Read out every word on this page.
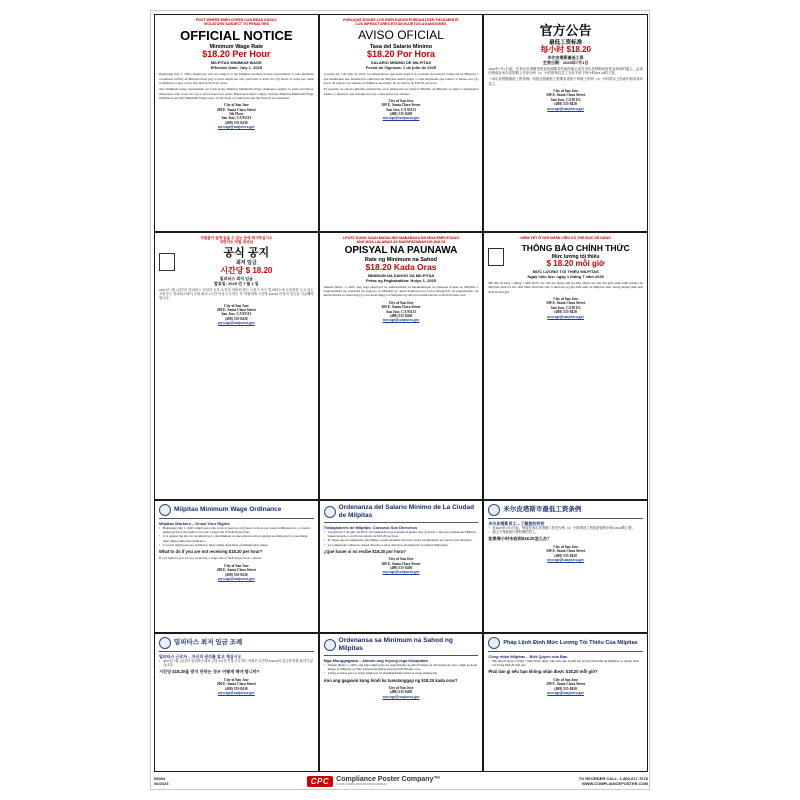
POST WHERE EMPLOYEES CAN READ EASILY
VIOLATORS SUBJECT TO PENALTIES
OFFICIAL NOTICE
Minimum Wage Rate
$18.20 Per Hour
MILPITAS MINIMUM WAGE
Effective Date: July 1, 2025
Beginning July 1, 2025, employers who are subject to the Milpitas business license requirement or who maintain a business facility in Milpitas must pay to each employee who performs at least two (2) hours of work per week in Milpitas wages of not less than $18.20 per hour.
The minimum wage requirement set forth in the Milpitas Minimum Wage Ordinance applies to adult and minor employees who work two (2) or more hours per week. Employers must comply with the Milpitas Minimum Wage Ordinance and the Minimum Wage Laws of the State of California and the Federal Government.
City of San Jose
200 E. Santa Clara Street
5th Floor
San Jose, CA 95113
(408) 535-8430
mywage@sanjoseca.gov
PUBLIQUE DONDE LOS EMPLEADOS PUEDAN LEER FÁCILMENTE
LOS INFRACTORES ESTÁN SUJETOS A SANCIONES
AVISO OFICIAL
Tasa del Salario Mínimo
$18.20 Por Hora
SALARIO MÍNIMO DE MILPITAS
Fecha de Vigencia: 1 de julio de 2025
A partir del 1 de julio de 2025, los empleadores que están sujetos al requisito de licencia comercial de Milpitas o que mantienen una instalación comercial en Milpitas deben pagar a cada empleado que realice al menos dos (2) horas de trabajo por semana en Milpitas un salario de no menos de $18.20 por hora.
El requisito de salario mínimo establecido en la Ordenanza de Salario Mínimo de Milpitas se aplica a empleados adultos y menores que trabajan dos (2) o más horas por semana.
City of San Jose
200 E. Santa Clara Street
San Jose, CA 95113
(408) 535-8430
mywage@sanjoseca.gov
官方公告
最低工资标准
每小时 $18.20
米尔皮塔斯最低工资
生效日期：2025年7月1日
2025年7月1日起，在米尔皮塔斯受营业执照要求约束的雇主或在米尔皮塔斯设有营业场所的雇主，必须向每周在米尔皮塔斯工作至少两（2）小时的每位员工支付不低于每小时$18.20的工资。
《米尔皮塔斯最低工资条例》所规定的最低工资要求适用于每周工作两（2）小时或以上的成年和未成年员工。
City of San Jose
200 E. Santa Clara Street
San Jose, CA 95113
(408) 535-8430
mywage@sanjoseca.gov
직원들이 쉽게 읽을 수 있는 곳에 게시하십시오
위반자는 처벌 대상임
공식 공지
최저 임금
시간당 $ 18.20
밀피타스 최저 임금
발효일: 2025 년 7 월 1 일
2025년 7월 1일부터 밀피타스 사업자 등록 요건의 적용을 받는 고용주 또는 밀피타스에 사업장을 두고 있는 고용주는 밀피타스에서 주당 최소 2시간 이상 근무하는 각 직원에게 시간당 $18.20 이상의 임금을 지급해야 합니다.
City of San Jose
200 E. Santa Clara Street
San Jose, CA 95113
(408) 535-8430
mywage@sanjoseca.gov
I-POST KUNG SAAN MADALING MABABASA NG MGA EMPLEYADO
ANG MGA LALABAG AY MAPAPATAWAN NG MULTA
OPISYAL NA PAUNAWA
Rate ng Minimum na Sahod
$18.20 Kada Oras
MINIMUM NA SAHOD SA MILPITAS
Petsa ng Pagkakabisa: Hulyo 1, 2025
Simula Hulyo 1, 2025, ang mga employer na sumasailalim sa kinakailangan na business license sa Milpitas o nagpapanatili ng pasilidad ng negosyo sa Milpitas ay dapat magbayad sa bawat empleyado na nagtatrabaho ng hindi bababa sa dalawang (2) oras kada linggo sa Milpitas ng sahod na hindi bababa sa $18.20 kada oras.
City of San Jose
200 E. Santa Clara Street
San Jose, CA 95113
(408) 535-8430
mywage@sanjoseca.gov
NIÊM YẾT Ở NƠI NHÂN VIÊN CÓ THỂ ĐỌC DỄ DÀNG
THÔNG BÁO CHÍNH THỨC
Mức lương tối thiểu
$ 18.20 mỗi giờ
MỨC LƯƠNG TỐI THIỂU MILPITAS
Ngày hiệu lực: ngày 1 tháng 7 năm 2025
Bắt đầu từ ngày 1 tháng 7 năm 2025, các chủ lao động chịu sự điều chỉnh của yêu cầu giấy phép kinh doanh của Milpitas phải trả cho mỗi nhân viên làm việc ít nhất hai (2) giờ mỗi tuần tại Milpitas mức lương không thấp hơn $18.20 mỗi giờ.
City of San Jose
200 E. Santa Clara Street
San Jose, CA 95113
(408) 535-8430
mywage@sanjoseca.gov
Milpitas Minimum Wage Ordinance
Milpitas Workers – Know Your Rights
• Beginning July 1, 2025, employees who work at least two (2) hours or more per week in Milpitas for a covered employer have the right to be paid a wage rate of $18.20 per hour.
• It is against the law for an employer to discriminate or take adverse action against an employee for exercising their rights under the Ordinance.
• Covered employees are entitled to these rights regardless of immigration status.
What to do if you are not receiving $18.20 per hour?
If you believe you are not receiving a wage rate of $18.20 per hour, contact:
City of San Jose
200 E. Santa Clara Street
(408) 535-8430
mywage@sanjoseca.gov
Ordenanza del Salario Mínimo de La Ciudad de Milpitas
Trabajadores de Milpitas: Conozca Sus Derechos
• A partir del 1 de julio de 2025, los empleados que trabajan al menos dos (2) horas o más por semana en Milpitas tienen derecho a recibir un salario de $18.20 por hora.
• Es ilegal que un empleador discrimine o tome medidas adversas contra un empleado por ejercer sus derechos.
• Los empleados cubiertos tienen derecho a estos derechos sin importar su estatus migratorio.
¿Qué hacer si no recibe $18.20 por hora?
City of San Jose
200 E. Santa Clara Street
(408) 535-8430
mywage@sanjoseca.gov
米尔皮塔斯市最低工资条例
米尔皮塔斯员工—了解您的权利
• 自2025年7月1日起，每周在米尔皮塔斯工作至少两（2）小时的员工有权获得每小时$18.20的工资。
• 雇主不得歧视行使权利的员工。
如果每小时未收到$18.20怎么办？
City of San Jose
200 E. Santa Clara Street
(408) 535-8430
mywage@sanjoseca.gov
밀피타스 최저 임금 조례
밀피타스 근로자 – 자신의 권리를 알고 계십시오
• 2025년 7월 1일부터 밀피타스에서 주당 2시간 이상 근무하는 직원은 시간당 $18.20의 임금을 받을 권리가 있습니다.
시간당 $18.20을 받지 못하는 경우 어떻게 해야 합니까?
City of San Jose
200 E. Santa Clara Street
(408) 535-8430
mywage@sanjoseca.gov
Ordenansa sa Minimum na Sahod ng Milpitas
Mga Manggagawa – Alamin ang Inyong mga Karapatan
• Simula Hulyo 1, 2025, ang mga empleyado na nagtatrabaho ng hindi bababa sa dalawang (2) oras o higit pa kada linggo sa Milpitas ay may karapatang mabayaran ng $18.20 kada oras.
• Labag sa batas para sa isang employer na magdiskrimina laban sa isang empleyado.
Ano ang gagawin kung hindi ka tumatanggap ng $18.20 kada oras?
City of San Jose
(408) 535-8430
mywage@sanjoseca.gov
Pháp Lệnh Định Mức Lương Tối Thiểu Của Milpitas
Công nhân Milpitas – Biết Quyền của Bạn
• Bắt đầu từ ngày 1 tháng 7 năm 2025, nhân viên làm việc ít nhất hai (2) giờ mỗi tuần tại Milpitas có quyền được trả lương $18.20 mỗi giờ.
Phải làm gì nếu bạn không nhận được $18.20 mỗi giờ?
City of San Jose
200 E. Santa Clara Street
(408) 535-8430
mywage@sanjoseca.gov
05094
06/2025	CPC	Compliance Poster Company™
© 2025 COMPLIANCE POSTER COMPANY
TO REORDER CALL: 1-800-617-7678
WWW.COMPLIANCEPOSTER.COM
